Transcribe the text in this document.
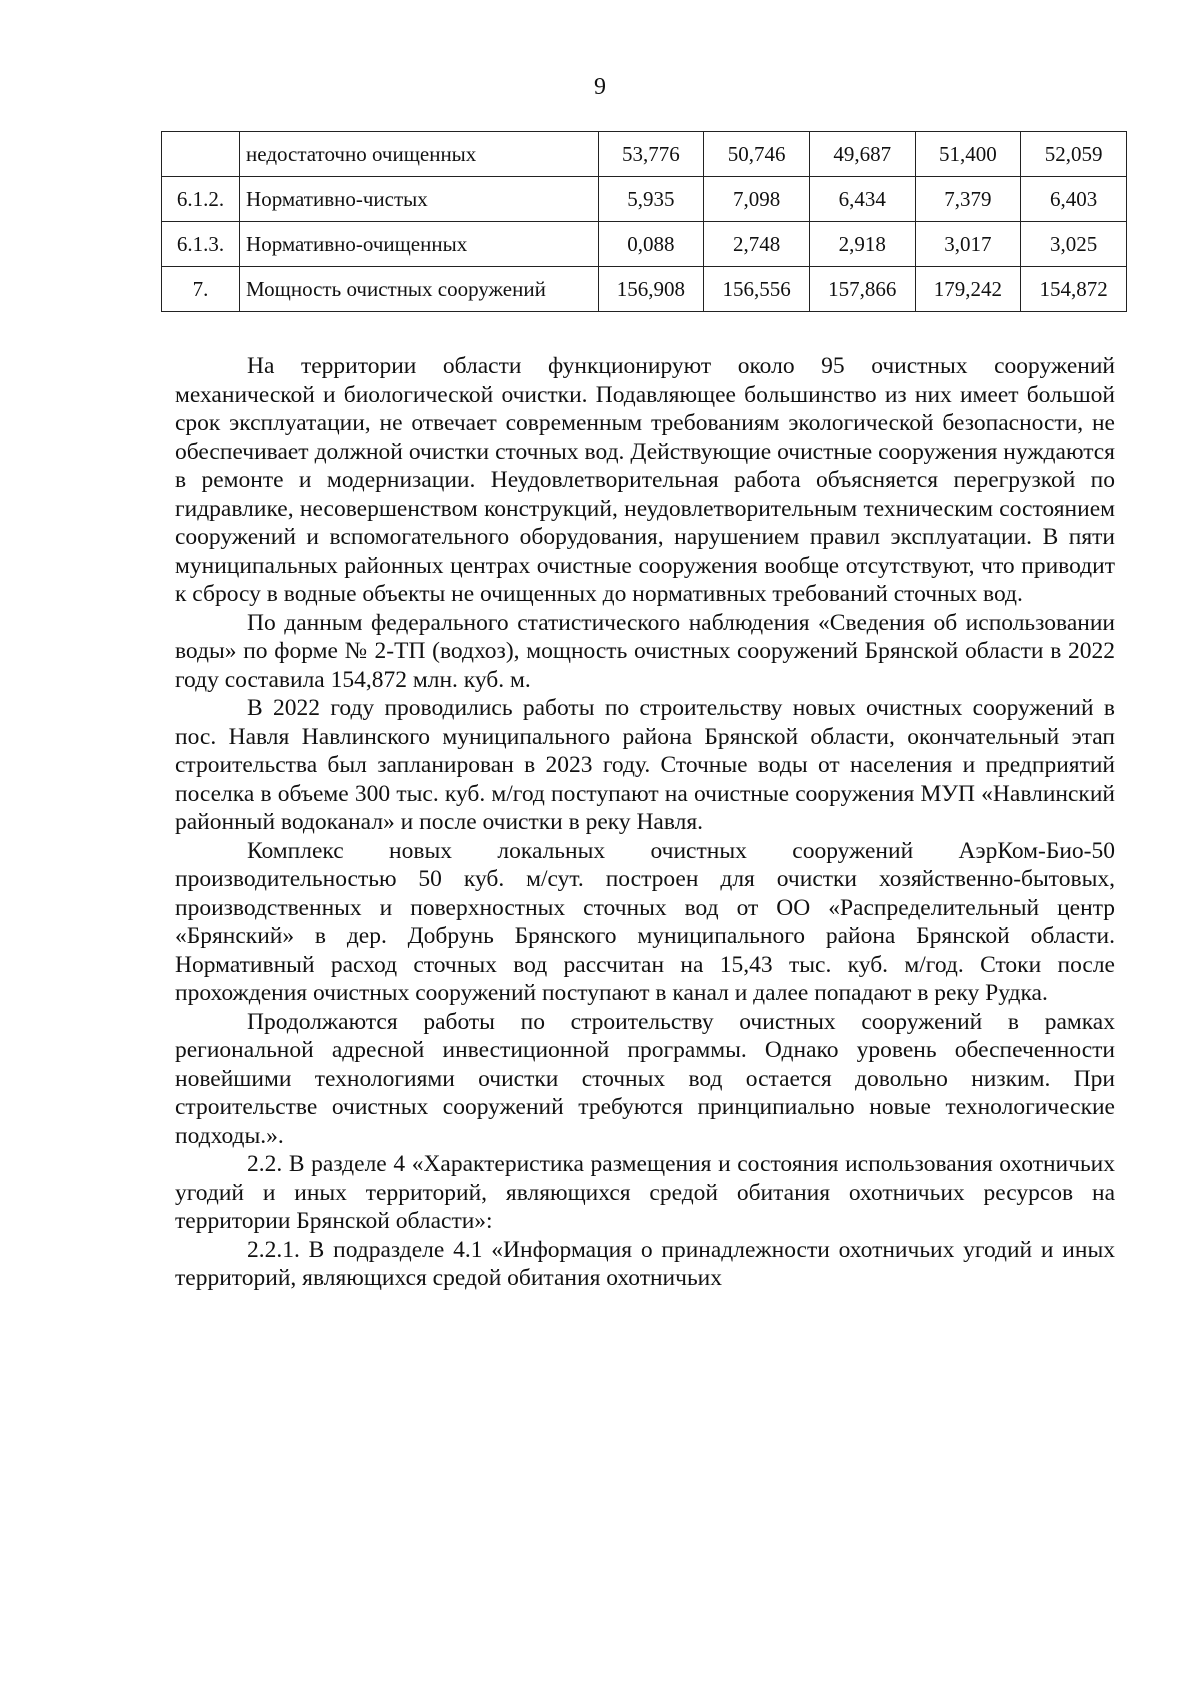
9
	недостаточно очищенных	53,776	50,746	49,687	51,400	52,059
6.1.2.	Нормативно-чистых	5,935	7,098	6,434	7,379	6,403
6.1.3.	Нормативно-очищенных	0,088	2,748	2,918	3,017	3,025
7.	Мощность очистных сооружений	156,908	156,556	157,866	179,242	154,872

На территории области функционируют около 95 очистных сооружений механической и биологической очистки. Подавляющее большинство из них имеет большой срок эксплуатации, не отвечает современным требованиям экологической безопасности, не обеспечивает должной очистки сточных вод. Действующие очистные сооружения нуждаются в ремонте и модернизации. Неудовлетворительная работа объясняется перегрузкой по гидравлике, несовершенством конструкций, неудовлетворительным техническим состоянием сооружений и вспомогательного оборудования, нарушением правил эксплуатации. В пяти муниципальных районных центрах очистные сооружения вообще отсутствуют, что приводит к сбросу в водные объекты не очищенных до нормативных требований сточных вод.

По данным федерального статистического наблюдения «Сведения об использовании воды» по форме № 2-ТП (водхоз), мощность очистных сооружений Брянской области в 2022 году составила 154,872 млн. куб. м.

В 2022 году проводились работы по строительству новых очистных сооружений в пос. Навля Навлинского муниципального района Брянской области, окончательный этап строительства был запланирован в 2023 году. Сточные воды от населения и предприятий поселка в объеме 300 тыс. куб. м/год поступают на очистные сооружения МУП «Навлинский районный водоканал» и после очистки в реку Навля.

Комплекс новых локальных очистных сооружений АэрКом-Био-50 производительностью 50 куб. м/сут. построен для очистки хозяйственно-бытовых, производственных и поверхностных сточных вод от ОО «Распределительный центр «Брянский» в дер. Добрунь Брянского муниципального района Брянской области. Нормативный расход сточных вод рассчитан на 15,43 тыс. куб. м/год. Стоки после прохождения очистных сооружений поступают в канал и далее попадают в реку Рудка.

Продолжаются работы по строительству очистных сооружений в рамках региональной адресной инвестиционной программы. Однако уровень обеспеченности новейшими технологиями очистки сточных вод остается довольно низким. При строительстве очистных сооружений требуются принципиально новые технологические подходы.».

2.2. В разделе 4 «Характеристика размещения и состояния использования охотничьих угодий и иных территорий, являющихся средой обитания охотничьих ресурсов на территории Брянской области»:

2.2.1. В подразделе 4.1 «Информация о принадлежности охотничьих угодий и иных территорий, являющихся средой обитания охотничьих
